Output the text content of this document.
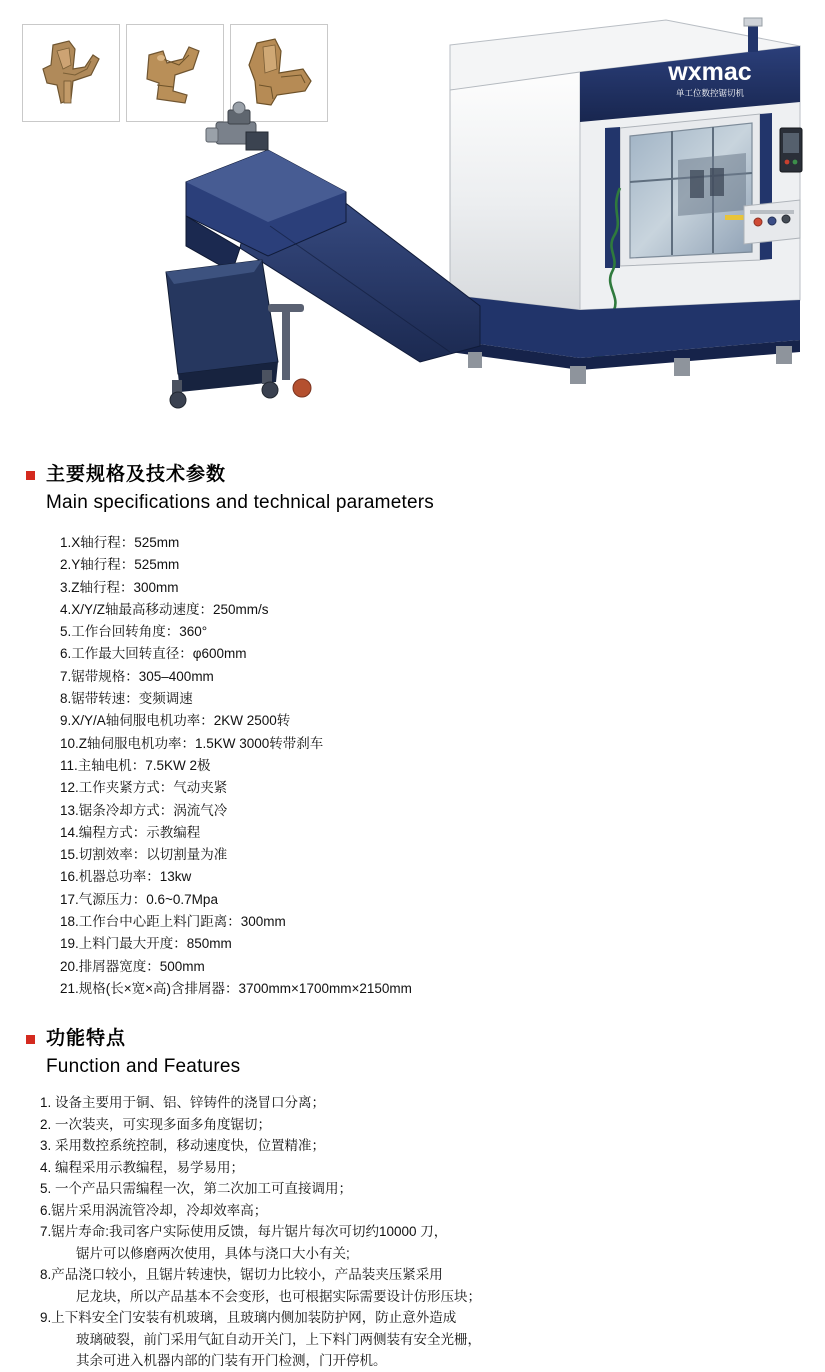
wxmac
单工位数控锯切机
主要规格及技术参数
Main specifications and technical parameters
1.X轴行程：525mm
2.Y轴行程：525mm
3.Z轴行程：300mm
4.X/Y/Z轴最高移动速度：250mm/s
5.工作台回转角度：360°
6.工作最大回转直径：φ600mm
7.锯带规格：305–400mm
8.锯带转速：变频调速
9.X/Y/A轴伺服电机功率：2KW 2500转
10.Z轴伺服电机功率：1.5KW 3000转带刹车
11.主轴电机：7.5KW 2极
12.工作夹紧方式：气动夹紧
13.锯条冷却方式：涡流气冷
14.编程方式：示教编程
15.切割效率：以切割量为准
16.机器总功率：13kw
17.气源压力：0.6~0.7Mpa
18.工作台中心距上料门距离：300mm
19.上料门最大开度：850mm
20.排屑器宽度：500mm
21.规格(长×宽×高)含排屑器：3700mm×1700mm×2150mm
功能特点
Function and Features
1. 设备主要用于铜、铝、锌铸件的浇冒口分离；
2. 一次装夹，可实现多面多角度锯切；
3. 采用数控系统控制，移动速度快，位置精准；
4. 编程采用示教编程，易学易用；
5. 一个产品只需编程一次，第二次加工可直接调用；
6.锯片采用涡流管冷却，冷却效率高；
7.锯片寿命:我司客户实际使用反馈，每片锯片每次可切约10000 刀，
锯片可以修磨两次使用，具体与浇口大小有关;
8.产品浇口较小，且锯片转速快，锯切力比较小，产品装夹压紧采用
尼龙块，所以产品基本不会变形，也可根据实际需要设计仿形压块；
9.上下料安全门安装有机玻璃，且玻璃内侧加装防护网，防止意外造成
玻璃破裂，前门采用气缸自动开关门，上下料门两侧装有安全光栅，
其余可进入机器内部的门装有开门检测，门开停机。
